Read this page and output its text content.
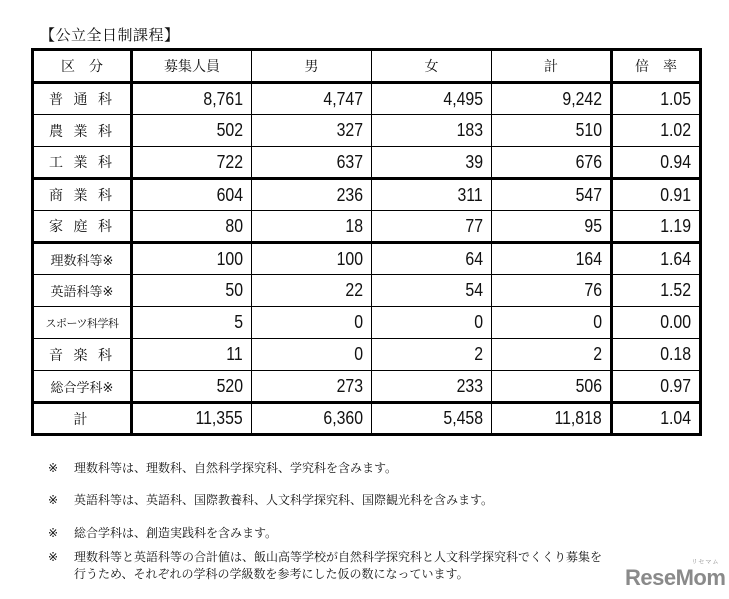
【公立全日制課程】
区　分	募集人員	男	女	計	倍　率
普 通 科	8,761	4,747	4,495	9,242	1.05
農 業 科	502	327	183	510	1.02
工 業 科	722	637	39	676	0.94
商 業 科	604	236	311	547	0.91
家 庭 科	80	18	77	95	1.19
理数科等※	100	100	64	164	1.64
英語科等※	50	22	54	76	1.52
スポーツ科学科	5	0	0	0	0.00
音 楽 科	11	0	2	2	0.18
総合学科※	520	273	233	506	0.97
計	11,355	6,360	5,458	11,818	1.04
※ 理数科等は、理数科、自然科学探究科、学究科を含みます。
※ 英語科等は、英語科、国際教養科、人文科学探究科、国際観光科を含みます。
※ 総合学科は、創造実践科を含みます。
※ 理数科等と英語科等の合計値は、飯山高等学校が自然科学探究科と人文科学探究科でくくり募集を
行うため、それぞれの学科の学級数を参考にした仮の数になっています。
リセマム
ReseMom
